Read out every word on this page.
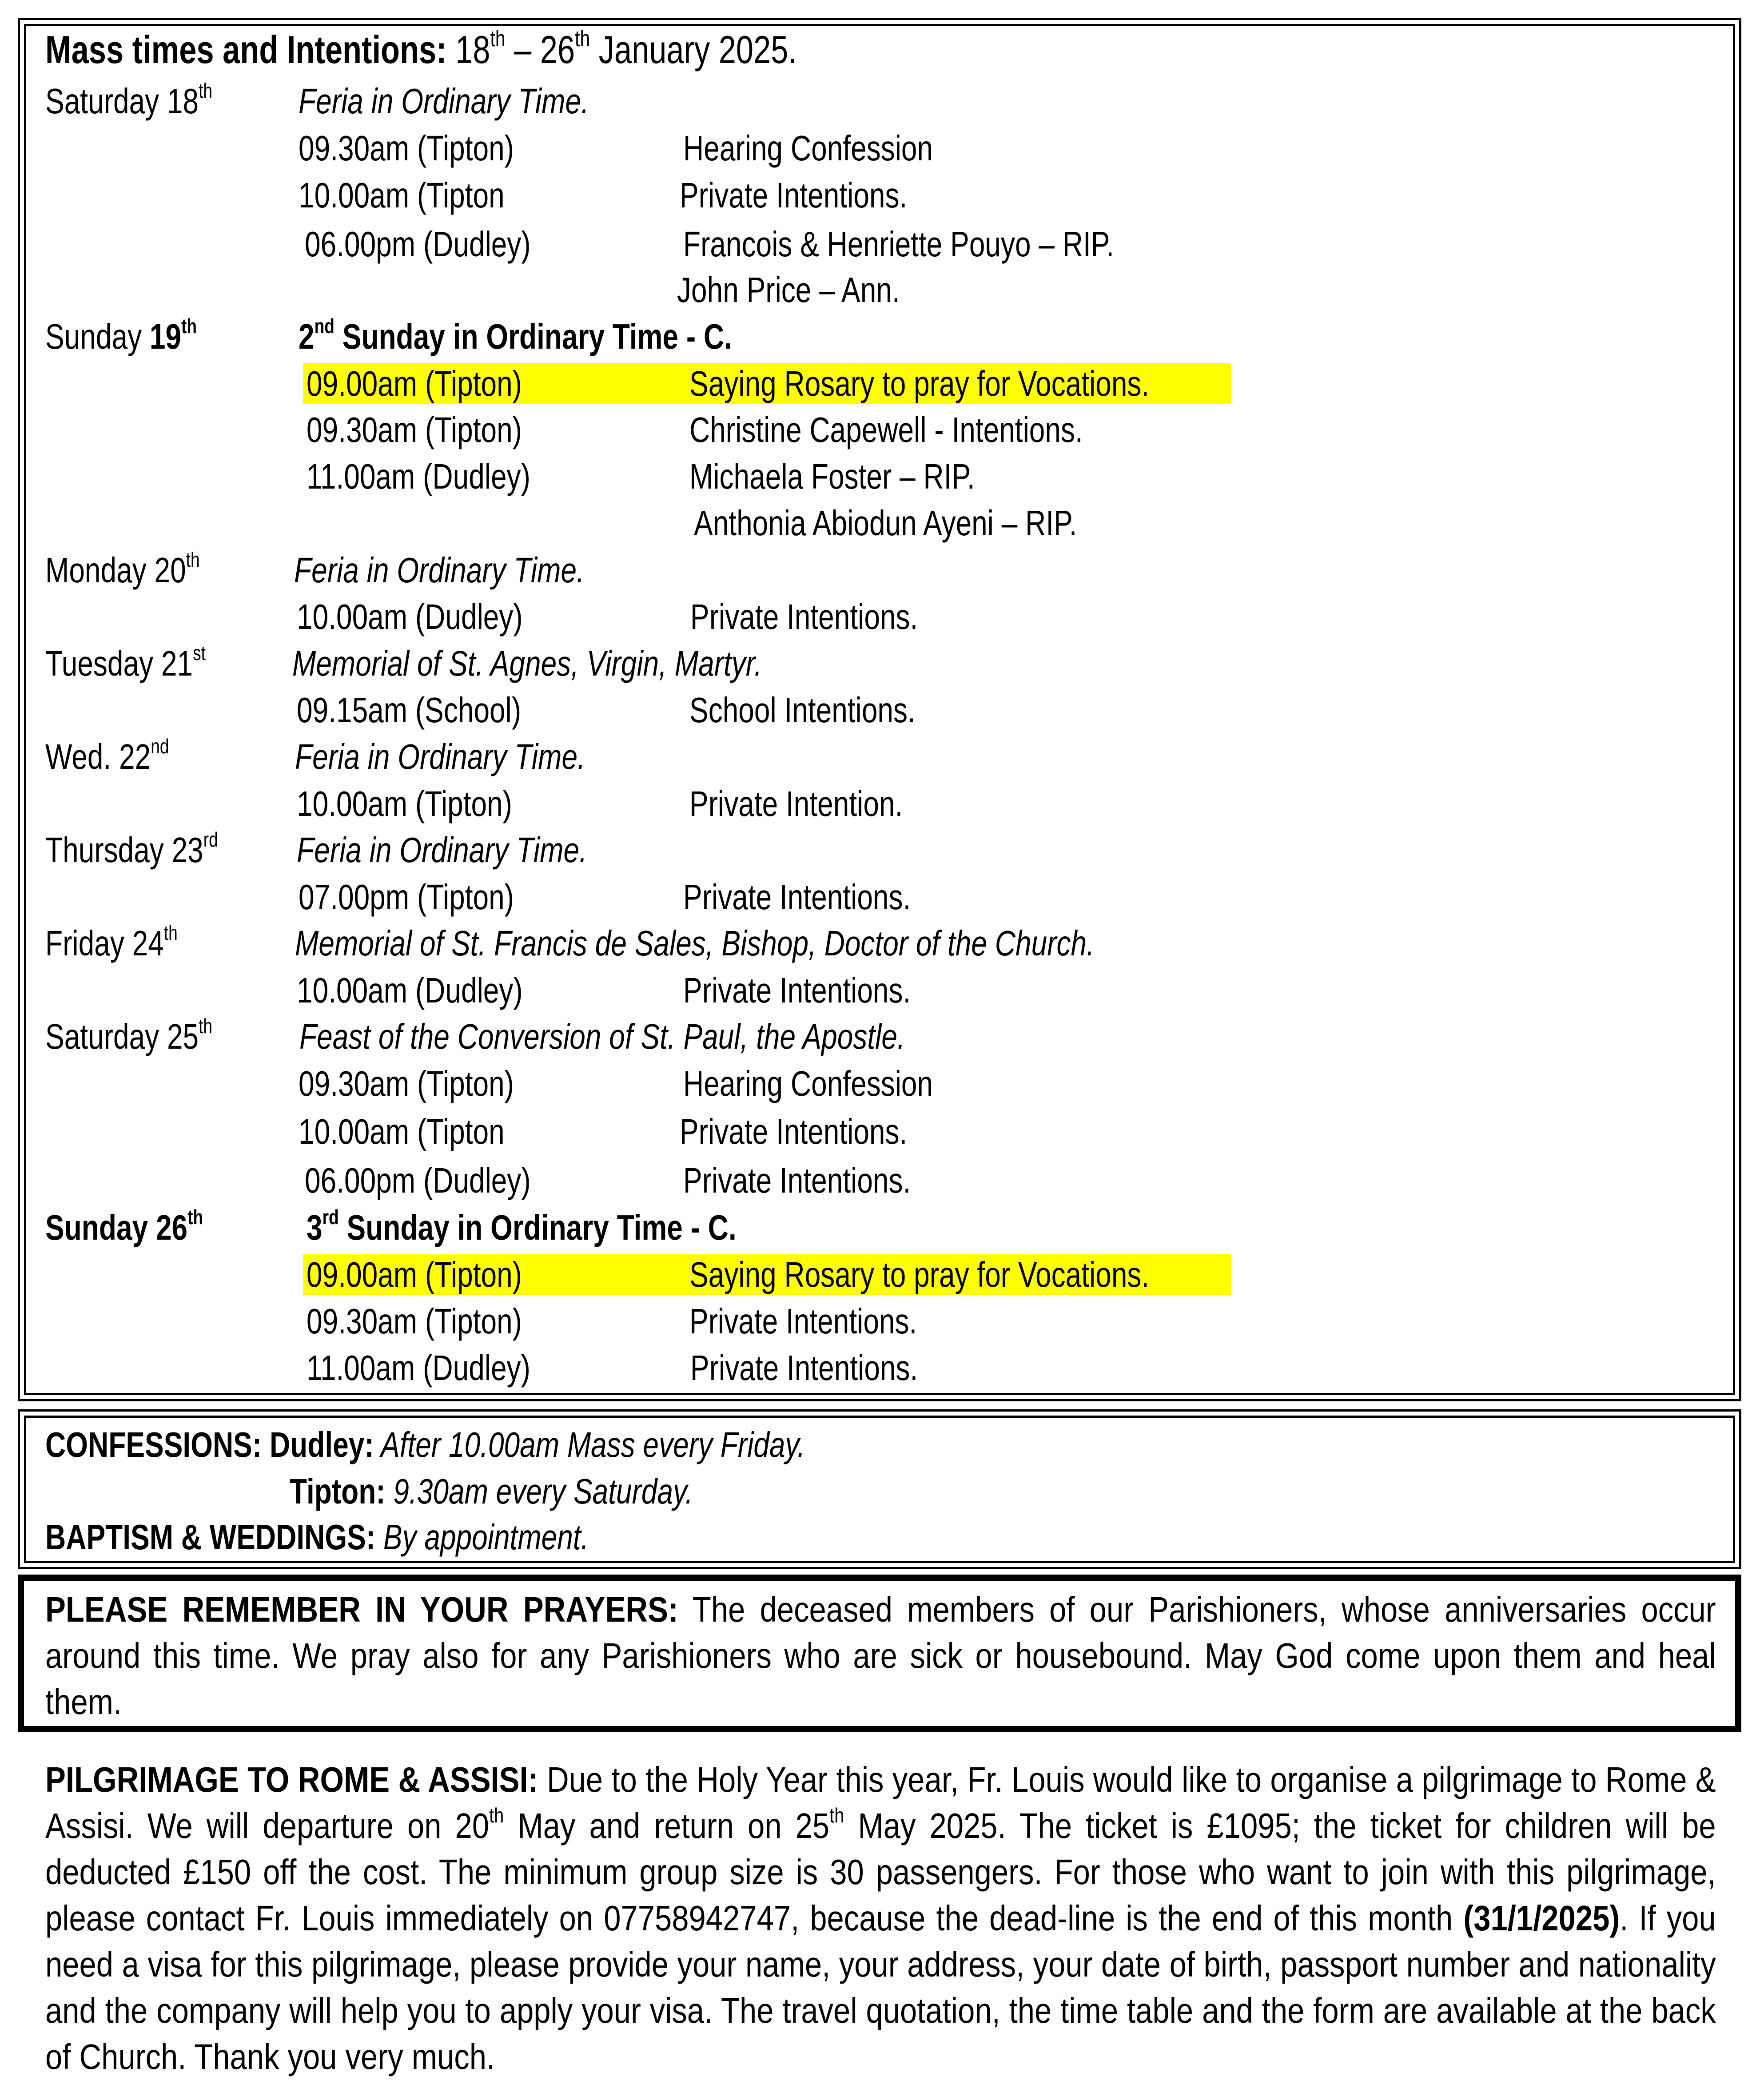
Mass times and Intentions: 18th – 26th January 2025.
Saturday 18th Feria in Ordinary Time.
09.30am (Tipton)	Hearing Confession
10.00am (Tipton	Private Intentions.
06.00pm (Dudley)	Francois & Henriette Pouyo – RIP.
John Price – Ann.
Sunday 19th	2nd Sunday in Ordinary Time - C.
09.00am (Tipton)	Saying Rosary to pray for Vocations.
09.30am (Tipton)	Christine Capewell - Intentions.
11.00am (Dudley)	Michaela Foster – RIP.
Anthonia Abiodun Ayeni – RIP.
Monday 20th	Feria in Ordinary Time.
10.00am (Dudley)	Private Intentions.
Tuesday 21st Memorial of St. Agnes, Virgin, Martyr.
09.15am (School)	School Intentions.
Wed. 22nd	Feria in Ordinary Time.
10.00am (Tipton)	Private Intention.
Thursday 23rd Feria in Ordinary Time.
07.00pm (Tipton)	Private Intentions.
Friday 24th	Memorial of St. Francis de Sales, Bishop, Doctor of the Church.
10.00am (Dudley)	Private Intentions.
Saturday 25th Feast of the Conversion of St. Paul, the Apostle.
09.30am (Tipton)	Hearing Confession
10.00am (Tipton	Private Intentions.
06.00pm (Dudley)	Private Intentions.
Sunday 26th	3rd Sunday in Ordinary Time - C.
09.00am (Tipton)	Saying Rosary to pray for Vocations.
09.30am (Tipton)	Private Intentions.
11.00am (Dudley)	Private Intentions.
CONFESSIONS: Dudley: After 10.00am Mass every Friday.
Tipton: 9.30am every Saturday.
BAPTISM & WEDDINGS: By appointment.
PLEASE REMEMBER IN YOUR PRAYERS: The deceased members of our Parishioners, whose anniversaries occur around this time. We pray also for any Parishioners who are sick or housebound. May God come upon them and heal them.
PILGRIMAGE TO ROME & ASSISI: Due to the Holy Year this year, Fr. Louis would like to organise a pilgrimage to Rome & Assisi. We will departure on 20th May and return on 25th May 2025. The ticket is £1095; the ticket for children will be deducted £150 off the cost. The minimum group size is 30 passengers. For those who want to join with this pilgrimage, please contact Fr. Louis immediately on 07758942747, because the dead-line is the end of this month (31/1/2025). If you need a visa for this pilgrimage, please provide your name, your address, your date of birth, passport number and nationality and the company will help you to apply your visa. The travel quotation, the time table and the form are available at the back of Church. Thank you very much.
